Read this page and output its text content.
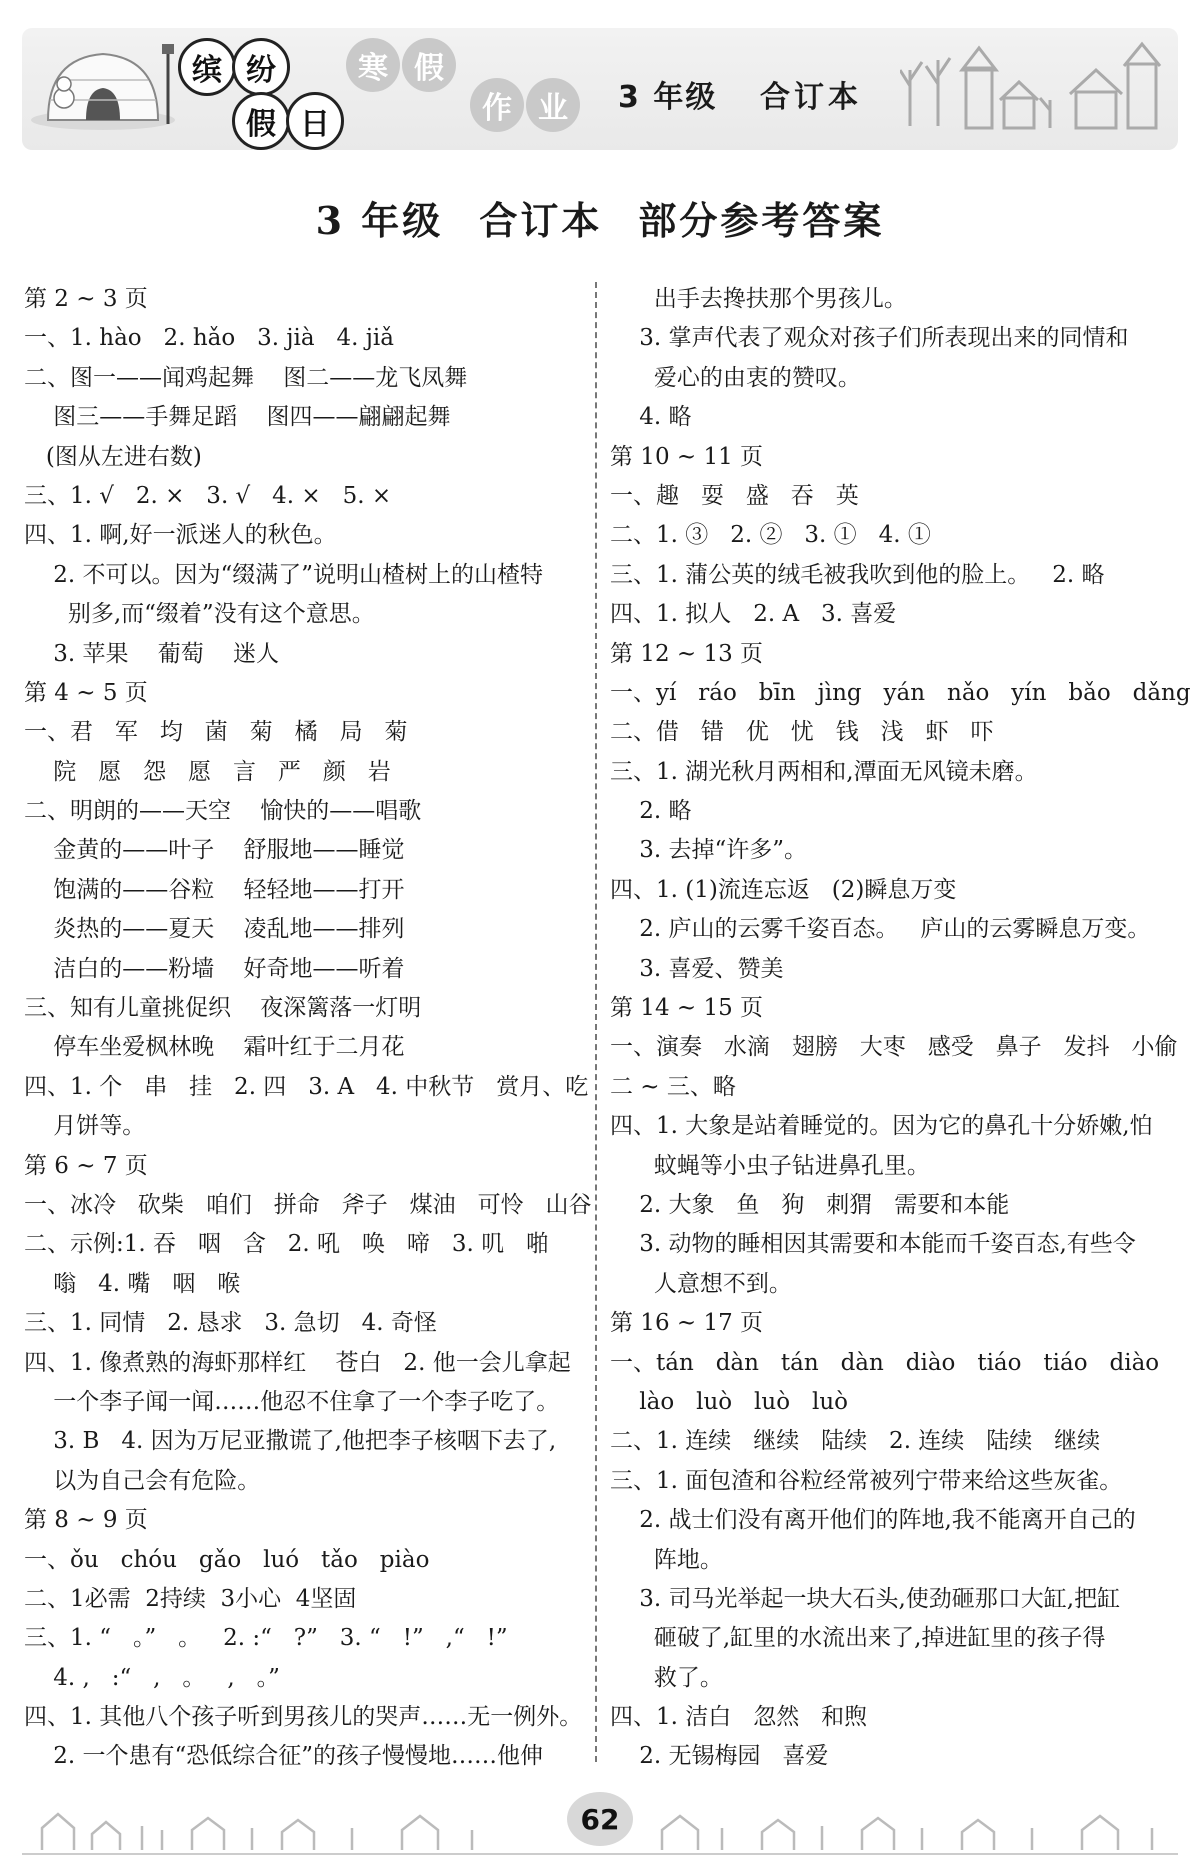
缤 纷
假 日
寒 假
作 业	3 年级 合订本
3 年级 合订本 部分参考答案
第 2 ~ 3 页
一、1. hào   2. hǎo   3. jià   4. jiǎ
二、图一——闻鸡起舞    图二——龙飞凤舞
图三——手舞足蹈    图四——翩翩起舞
(图从左进右数)
三、1. √   2. ×   3. √   4. ×   5. ×
四、1. 啊,好一派迷人的秋色。
2. 不可以。因为“缀满了”说明山楂树上的山楂特
别多,而“缀着”没有这个意思。
3. 苹果    葡萄    迷人
第 4 ~ 5 页
一、君   军   均   菌   菊   橘   局   菊
院   愿   怨   愿   言   严   颜   岩
二、明朗的——天空    愉快的——唱歌
金黄的——叶子    舒服地——睡觉
饱满的——谷粒    轻轻地——打开
炎热的——夏天    凌乱地——排列
洁白的——粉墙    好奇地——听着
三、知有儿童挑促织    夜深篱落一灯明
停车坐爱枫林晚    霜叶红于二月花
四、1. 个   串   挂   2. 四   3. A   4. 中秋节   赏月、吃
月饼等。
第 6 ~ 7 页
一、冰冷   砍柴   咱们   拼命   斧子   煤油   可怜   山谷
二、示例:1. 吞   咽   含   2. 吼   唤   啼   3. 叽   啪
嗡   4. 嘴   咽   喉
三、1. 同情   2. 恳求   3. 急切   4. 奇怪
四、1. 像煮熟的海虾那样红    苍白   2. 他一会儿拿起
一个李子闻一闻……他忍不住拿了一个李子吃了。
3. B   4. 因为万尼亚撒谎了,他把李子核咽下去了,
以为自己会有危险。
第 8 ~ 9 页
一、ǒu   chóu   gǎo   luó   tǎo   piào
二、1必需  2持续  3小心  4坚固
三、1. “   。”   。   2. :“   ?”   3. “   !”   ,“   !”
4. ,   :“   ,   。   ,   。”
四、1. 其他八个孩子听到男孩儿的哭声……无一例外。
2. 一个患有“恐低综合征”的孩子慢慢地……他伸
出手去搀扶那个男孩儿。
3. 掌声代表了观众对孩子们所表现出来的同情和
爱心的由衷的赞叹。
4. 略
第 10 ~ 11 页
一、趣   耍   盛   吞   英
二、1. ③   2. ②   3. ①   4. ①
三、1. 蒲公英的绒毛被我吹到他的脸上。   2. 略
四、1. 拟人   2. A   3. 喜爱
第 12 ~ 13 页
一、yí   ráo   bīn   jìng   yán   nǎo   yín   bǎo   dǎng
二、借   错   优   忧   钱   浅   虾   吓
三、1. 湖光秋月两相和,潭面无风镜未磨。
2. 略
3. 去掉“许多”。
四、1. (1)流连忘返   (2)瞬息万变
2. 庐山的云雾千姿百态。   庐山的云雾瞬息万变。
3. 喜爱、赞美
第 14 ~ 15 页
一、演奏   水滴   翅膀   大枣   感受   鼻子   发抖   小偷
二 ~ 三、略
四、1. 大象是站着睡觉的。因为它的鼻孔十分娇嫩,怕
蚊蝇等小虫子钻进鼻孔里。
2. 大象   鱼   狗   刺猬   需要和本能
3. 动物的睡相因其需要和本能而千姿百态,有些令
人意想不到。
第 16 ~ 17 页
一、tán   dàn   tán   dàn   diào   tiáo   tiáo   diào
lào   luò   luò   luò
二、1. 连续   继续   陆续   2. 连续   陆续   继续
三、1. 面包渣和谷粒经常被列宁带来给这些灰雀。
2. 战士们没有离开他们的阵地,我不能离开自己的
阵地。
3. 司马光举起一块大石头,使劲砸那口大缸,把缸
砸破了,缸里的水流出来了,掉进缸里的孩子得
救了。
四、1. 洁白   忽然   和煦
2. 无锡梅园   喜爱
62
